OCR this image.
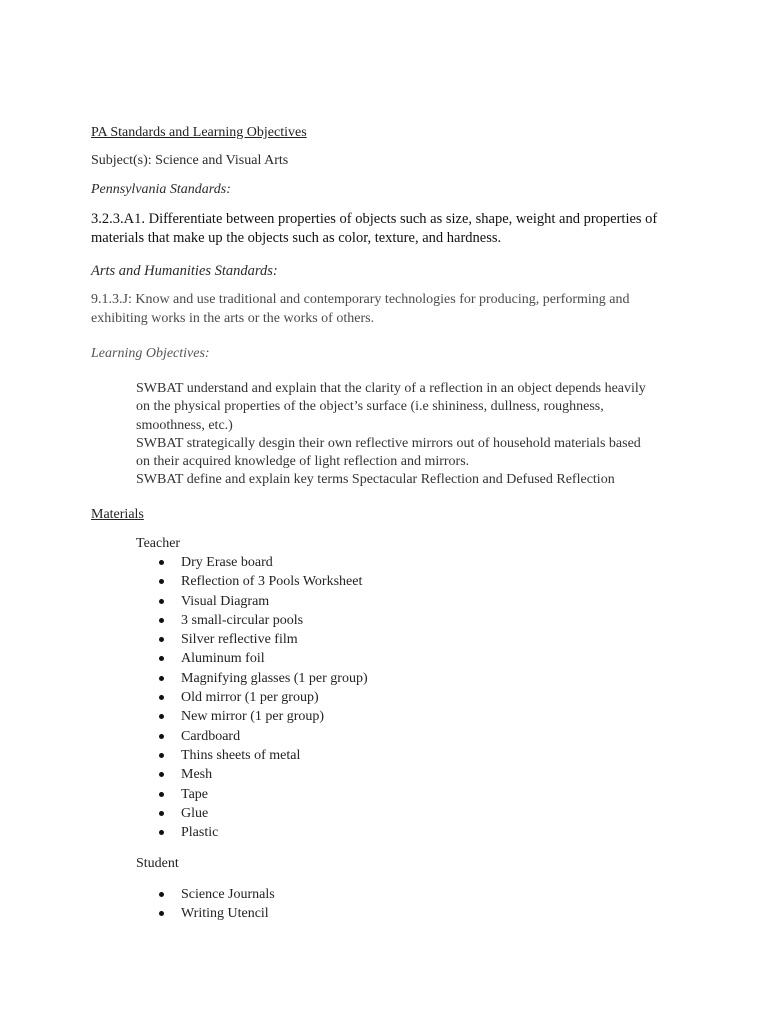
PA Standards and Learning Objectives
Subject(s): Science and Visual Arts
Pennsylvania Standards:
3.2.3.A1. Differentiate between properties of objects such as size, shape, weight and properties of materials that make up the objects such as color, texture, and hardness.
Arts and Humanities Standards:
9.1.3.J: Know and use traditional and contemporary technologies for producing, performing and exhibiting works in the arts or the works of others.
Learning Objectives:

SWBAT understand and explain that the clarity of a reflection in an object depends heavily on the physical properties of the object’s surface (i.e shininess, dullness, roughness, smoothness, etc.)

SWBAT strategically desgin their own reflective mirrors out of household materials based on their acquired knowledge of light reflection and mirrors.

SWBAT define and explain key terms Spectacular Reflection and Defused Reflection

Materials
Teacher
Dry Erase board
Reflection of 3 Pools Worksheet
Visual Diagram
3 small-circular pools
Silver reflective film
Aluminum foil
Magnifying glasses (1 per group)
Old mirror (1 per group)
New mirror (1 per group)
Cardboard
Thins sheets of metal
Mesh
Tape
Glue
Plastic
Student
Science Journals
Writing Utencil
